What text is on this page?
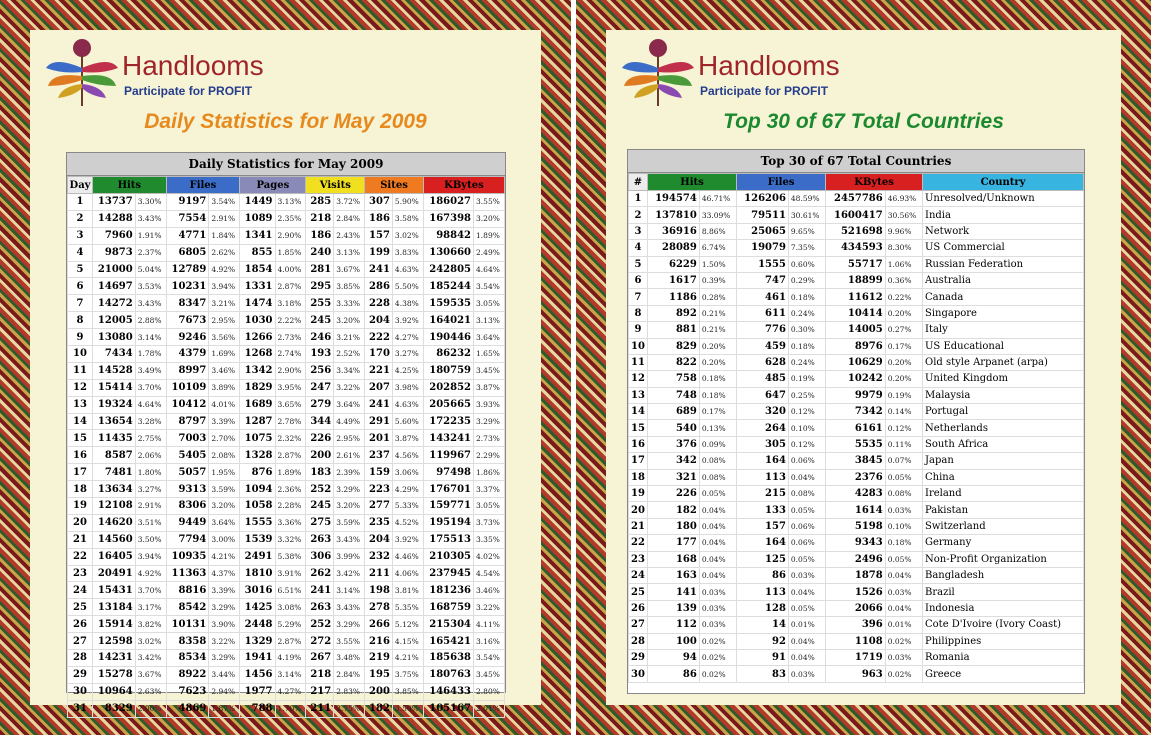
Handlooms
Participate for PROFIT
Daily Statistics for May 2009
Daily Statistics for May 2009
Day	Hits		Files		Pages		Visits		Sites		KBytes	
1	13737	3.30%	9197	3.54%	1449	3.13%	285	3.72%	307	5.90%	186027	3.55%
2	14288	3.43%	7554	2.91%	1089	2.35%	218	2.84%	186	3.58%	167398	3.20%
3	7960	1.91%	4771	1.84%	1341	2.90%	186	2.43%	157	3.02%	98842	1.89%
4	9873	2.37%	6805	2.62%	855	1.85%	240	3.13%	199	3.83%	130660	2.49%
5	21000	5.04%	12789	4.92%	1854	4.00%	281	3.67%	241	4.63%	242805	4.64%
6	14697	3.53%	10231	3.94%	1331	2.87%	295	3.85%	286	5.50%	185244	3.54%
7	14272	3.43%	8347	3.21%	1474	3.18%	255	3.33%	228	4.38%	159535	3.05%
8	12005	2.88%	7673	2.95%	1030	2.22%	245	3.20%	204	3.92%	164021	3.13%
9	13080	3.14%	9246	3.56%	1266	2.73%	246	3.21%	222	4.27%	190446	3.64%
10	7434	1.78%	4379	1.69%	1268	2.74%	193	2.52%	170	3.27%	86232	1.65%
11	14528	3.49%	8997	3.46%	1342	2.90%	256	3.34%	221	4.25%	180759	3.45%
12	15414	3.70%	10109	3.89%	1829	3.95%	247	3.22%	207	3.98%	202852	3.87%
13	19324	4.64%	10412	4.01%	1689	3.65%	279	3.64%	241	4.63%	205665	3.93%
14	13654	3.28%	8797	3.39%	1287	2.78%	344	4.49%	291	5.60%	172235	3.29%
15	11435	2.75%	7003	2.70%	1075	2.32%	226	2.95%	201	3.87%	143241	2.73%
16	8587	2.06%	5405	2.08%	1328	2.87%	200	2.61%	237	4.56%	119967	2.29%
17	7481	1.80%	5057	1.95%	876	1.89%	183	2.39%	159	3.06%	97498	1.86%
18	13634	3.27%	9313	3.59%	1094	2.36%	252	3.29%	223	4.29%	176701	3.37%
19	12108	2.91%	8306	3.20%	1058	2.28%	245	3.20%	277	5.33%	159771	3.05%
20	14620	3.51%	9449	3.64%	1555	3.36%	275	3.59%	235	4.52%	195194	3.73%
21	14560	3.50%	7794	3.00%	1539	3.32%	263	3.43%	204	3.92%	175513	3.35%
22	16405	3.94%	10935	4.21%	2491	5.38%	306	3.99%	232	4.46%	210305	4.02%
23	20491	4.92%	11363	4.37%	1810	3.91%	262	3.42%	211	4.06%	237945	4.54%
24	15431	3.70%	8816	3.39%	3016	6.51%	241	3.14%	198	3.81%	181236	3.46%
25	13184	3.17%	8542	3.29%	1425	3.08%	263	3.43%	278	5.35%	168759	3.22%
26	15914	3.82%	10131	3.90%	2448	5.29%	252	3.29%	266	5.12%	215304	4.11%
27	12598	3.02%	8358	3.22%	1329	2.87%	272	3.55%	216	4.15%	165421	3.16%
28	14231	3.42%	8534	3.29%	1941	4.19%	267	3.48%	219	4.21%	185638	3.54%
29	15278	3.67%	8922	3.44%	1456	3.14%	218	2.84%	195	3.75%	180763	3.45%
30	10964	2.63%	7623	2.94%	1977	4.27%	217	2.83%	200	3.85%	146433	2.80%
31	8329	2.00%	4869	1.87%	788	1.70%	211	2.75%	182	3.50%	105167	2.01%
Handlooms
Participate for PROFIT
Top 30 of 67 Total Countries
Top 30 of 67 Total Countries
#	Hits		Files		KBytes		Country
1	194574	46.71%	126206	48.59%	2457786	46.93%	Unresolved/Unknown
2	137810	33.09%	79511	30.61%	1600417	30.56%	India
3	36916	8.86%	25065	9.65%	521698	9.96%	Network
4	28089	6.74%	19079	7.35%	434593	8.30%	US Commercial
5	6229	1.50%	1555	0.60%	55717	1.06%	Russian Federation
6	1617	0.39%	747	0.29%	18899	0.36%	Australia
7	1186	0.28%	461	0.18%	11612	0.22%	Canada
8	892	0.21%	611	0.24%	10414	0.20%	Singapore
9	881	0.21%	776	0.30%	14005	0.27%	Italy
10	829	0.20%	459	0.18%	8976	0.17%	US Educational
11	822	0.20%	628	0.24%	10629	0.20%	Old style Arpanet (arpa)
12	758	0.18%	485	0.19%	10242	0.20%	United Kingdom
13	748	0.18%	647	0.25%	9979	0.19%	Malaysia
14	689	0.17%	320	0.12%	7342	0.14%	Portugal
15	540	0.13%	264	0.10%	6161	0.12%	Netherlands
16	376	0.09%	305	0.12%	5535	0.11%	South Africa
17	342	0.08%	164	0.06%	3845	0.07%	Japan
18	321	0.08%	113	0.04%	2376	0.05%	China
19	226	0.05%	215	0.08%	4283	0.08%	Ireland
20	182	0.04%	133	0.05%	1614	0.03%	Pakistan
21	180	0.04%	157	0.06%	5198	0.10%	Switzerland
22	177	0.04%	164	0.06%	9343	0.18%	Germany
23	168	0.04%	125	0.05%	2496	0.05%	Non-Profit Organization
24	163	0.04%	86	0.03%	1878	0.04%	Bangladesh
25	141	0.03%	113	0.04%	1526	0.03%	Brazil
26	139	0.03%	128	0.05%	2066	0.04%	Indonesia
27	112	0.03%	14	0.01%	396	0.01%	Cote D'Ivoire (Ivory Coast)
28	100	0.02%	92	0.04%	1108	0.02%	Philippines
29	94	0.02%	91	0.04%	1719	0.03%	Romania
30	86	0.02%	83	0.03%	963	0.02%	Greece
